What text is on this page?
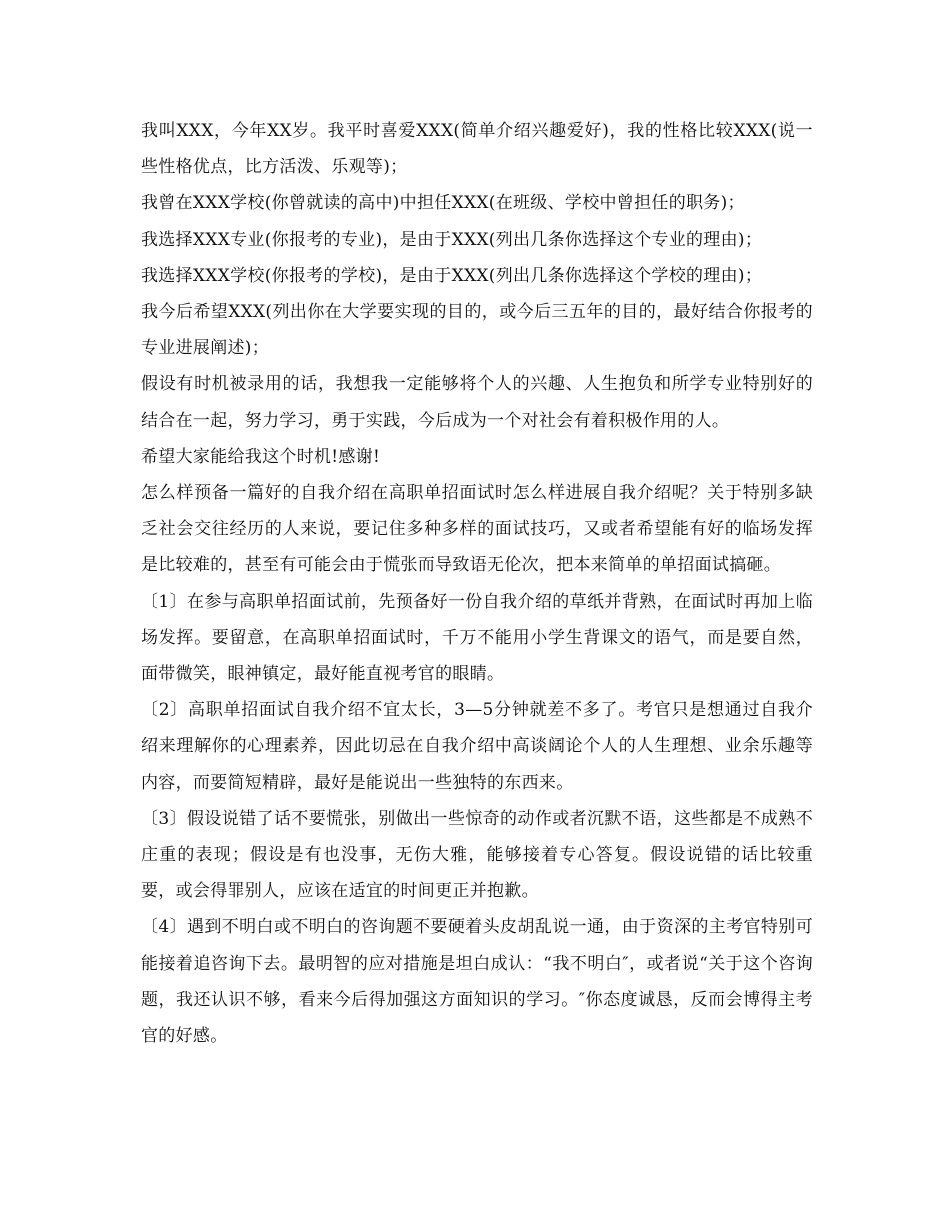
我叫XXX，今年XX岁。我平时喜爱XXX(简单介绍兴趣爱好)，我的性格比较XXX(说一些性格优点，比方活泼、乐观等)；

我曾在XXX学校(你曾就读的高中)中担任XXX(在班级、学校中曾担任的职务)；

我选择XXX专业(你报考的专业)，是由于XXX(列出几条你选择这个专业的理由)；

我选择XXX学校(你报考的学校)，是由于XXX(列出几条你选择这个学校的理由)；

我今后希望XXX(列出你在大学要实现的目的，或今后三五年的目的，最好结合你报考的专业进展阐述)；

假设有时机被录用的话，我想我一定能够将个人的兴趣、人生抱负和所学专业特别好的结合在一起，努力学习，勇于实践，今后成为一个对社会有着积极作用的人。

希望大家能给我这个时机!感谢!

怎么样预备一篇好的自我介绍在高职单招面试时怎么样进展自我介绍呢？关于特别多缺乏社会交往经历的人来说，要记住多种多样的面试技巧，又或者希望能有好的临场发挥是比较难的，甚至有可能会由于慌张而导致语无伦次，把本来简单的单招面试搞砸。

〔1〕在参与高职单招面试前，先预备好一份自我介绍的草纸并背熟，在面试时再加上临场发挥。要留意，在高职单招面试时，千万不能用小学生背课文的语气，而是要自然，面带微笑，眼神镇定，最好能直视考官的眼睛。

〔2〕高职单招面试自我介绍不宜太长，3—5分钟就差不多了。考官只是想通过自我介绍来理解你的心理素养，因此切忌在自我介绍中高谈阔论个人的人生理想、业余乐趣等内容，而要简短精辟，最好是能说出一些独特的东西来。

〔3〕假设说错了话不要慌张，别做出一些惊奇的动作或者沉默不语，这些都是不成熟不庄重的表现；假设是有也没事，无伤大雅，能够接着专心答复。假设说错的话比较重要，或会得罪别人，应该在适宜的时间更正并抱歉。

〔4〕遇到不明白或不明白的咨询题不要硬着头皮胡乱说一通，由于资深的主考官特别可能接着追咨询下去。最明智的应对措施是坦白成认：“我不明白″，或者说“关于这个咨询题，我还认识不够，看来今后得加强这方面知识的学习。″你态度诚恳，反而会博得主考官的好感。
